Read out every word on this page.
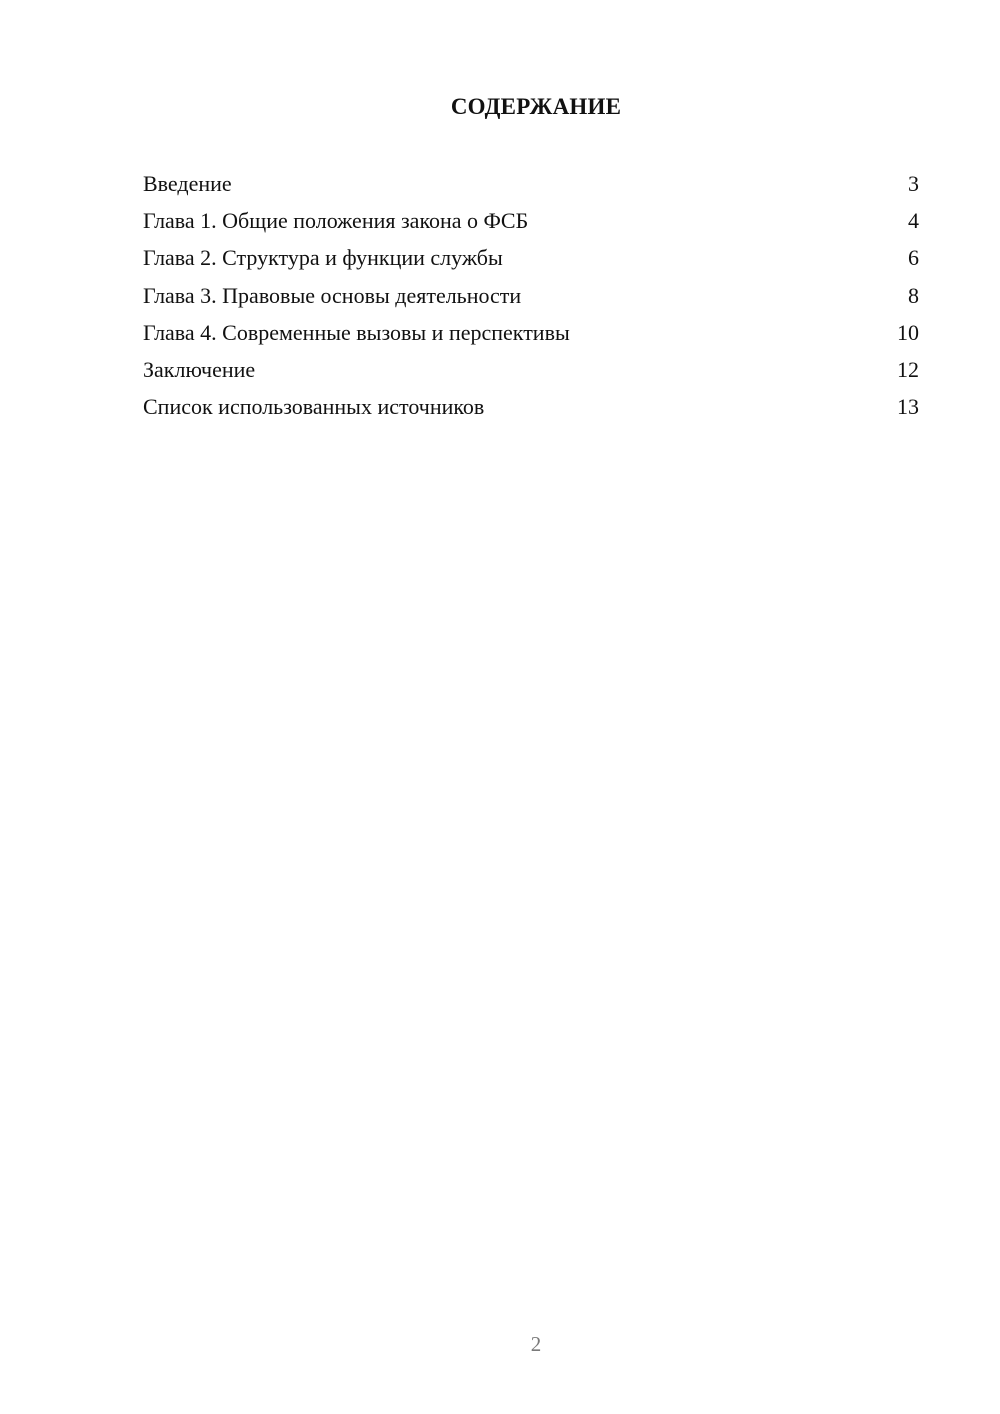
СОДЕРЖАНИЕ
Введение	3
Глава 1. Общие положения закона о ФСБ	4
Глава 2. Структура и функции службы	6
Глава 3. Правовые основы деятельности	8
Глава 4. Современные вызовы и перспективы	10
Заключение	12
Список использованных источников	13
2
